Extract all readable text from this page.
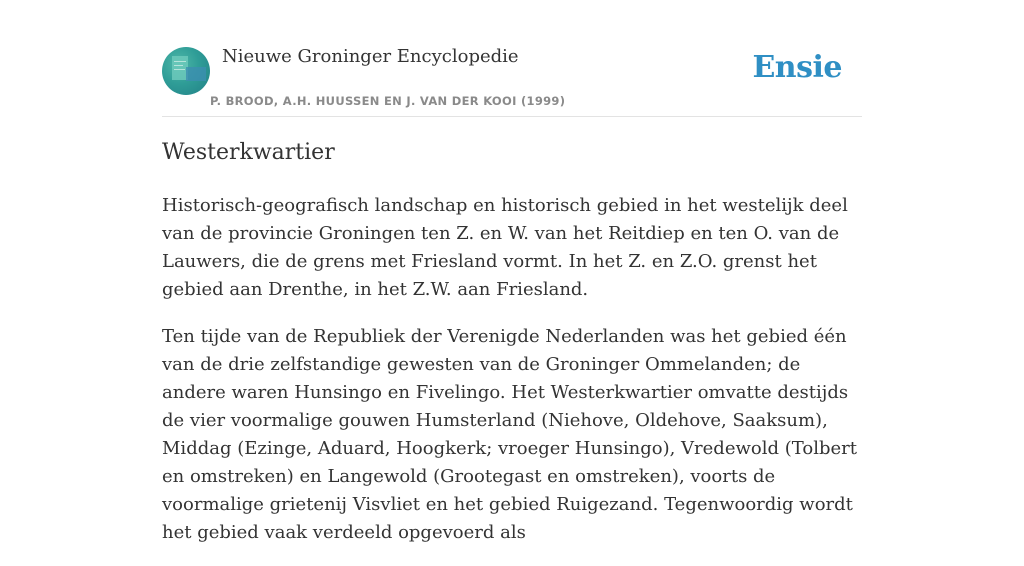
Nieuwe Groninger Encyclopedie
P. BROOD, A.H. HUUSSEN EN J. VAN DER KOOI (1999)
Ensie
Westerkwartier

Historisch-geografisch landschap en historisch gebied in het westelijk deel van de provincie Groningen ten Z. en W. van het Reitdiep en ten O. van de Lauwers, die de grens met Friesland vormt. In het Z. en Z.O. grenst het gebied aan Drenthe, in het Z.W. aan Friesland.

Ten tijde van de Republiek der Verenigde Nederlanden was het gebied één van de drie zelfstandige gewesten van de Groninger Ommelanden; de andere waren Hunsingo en Fivelingo. Het Westerkwartier omvatte destijds de vier voormalige gouwen Humsterland (Niehove, Oldehove, Saaksum), Middag (Ezinge, Aduard, Hoogkerk; vroeger Hunsingo), Vredewold (Tolbert en omstreken) en Langewold (Grootegast en omstreken), voorts de voormalige grietenij Visvliet en het gebied Ruigezand. Tegenwoordig wordt het gebied vaak verdeeld opgevoerd als
